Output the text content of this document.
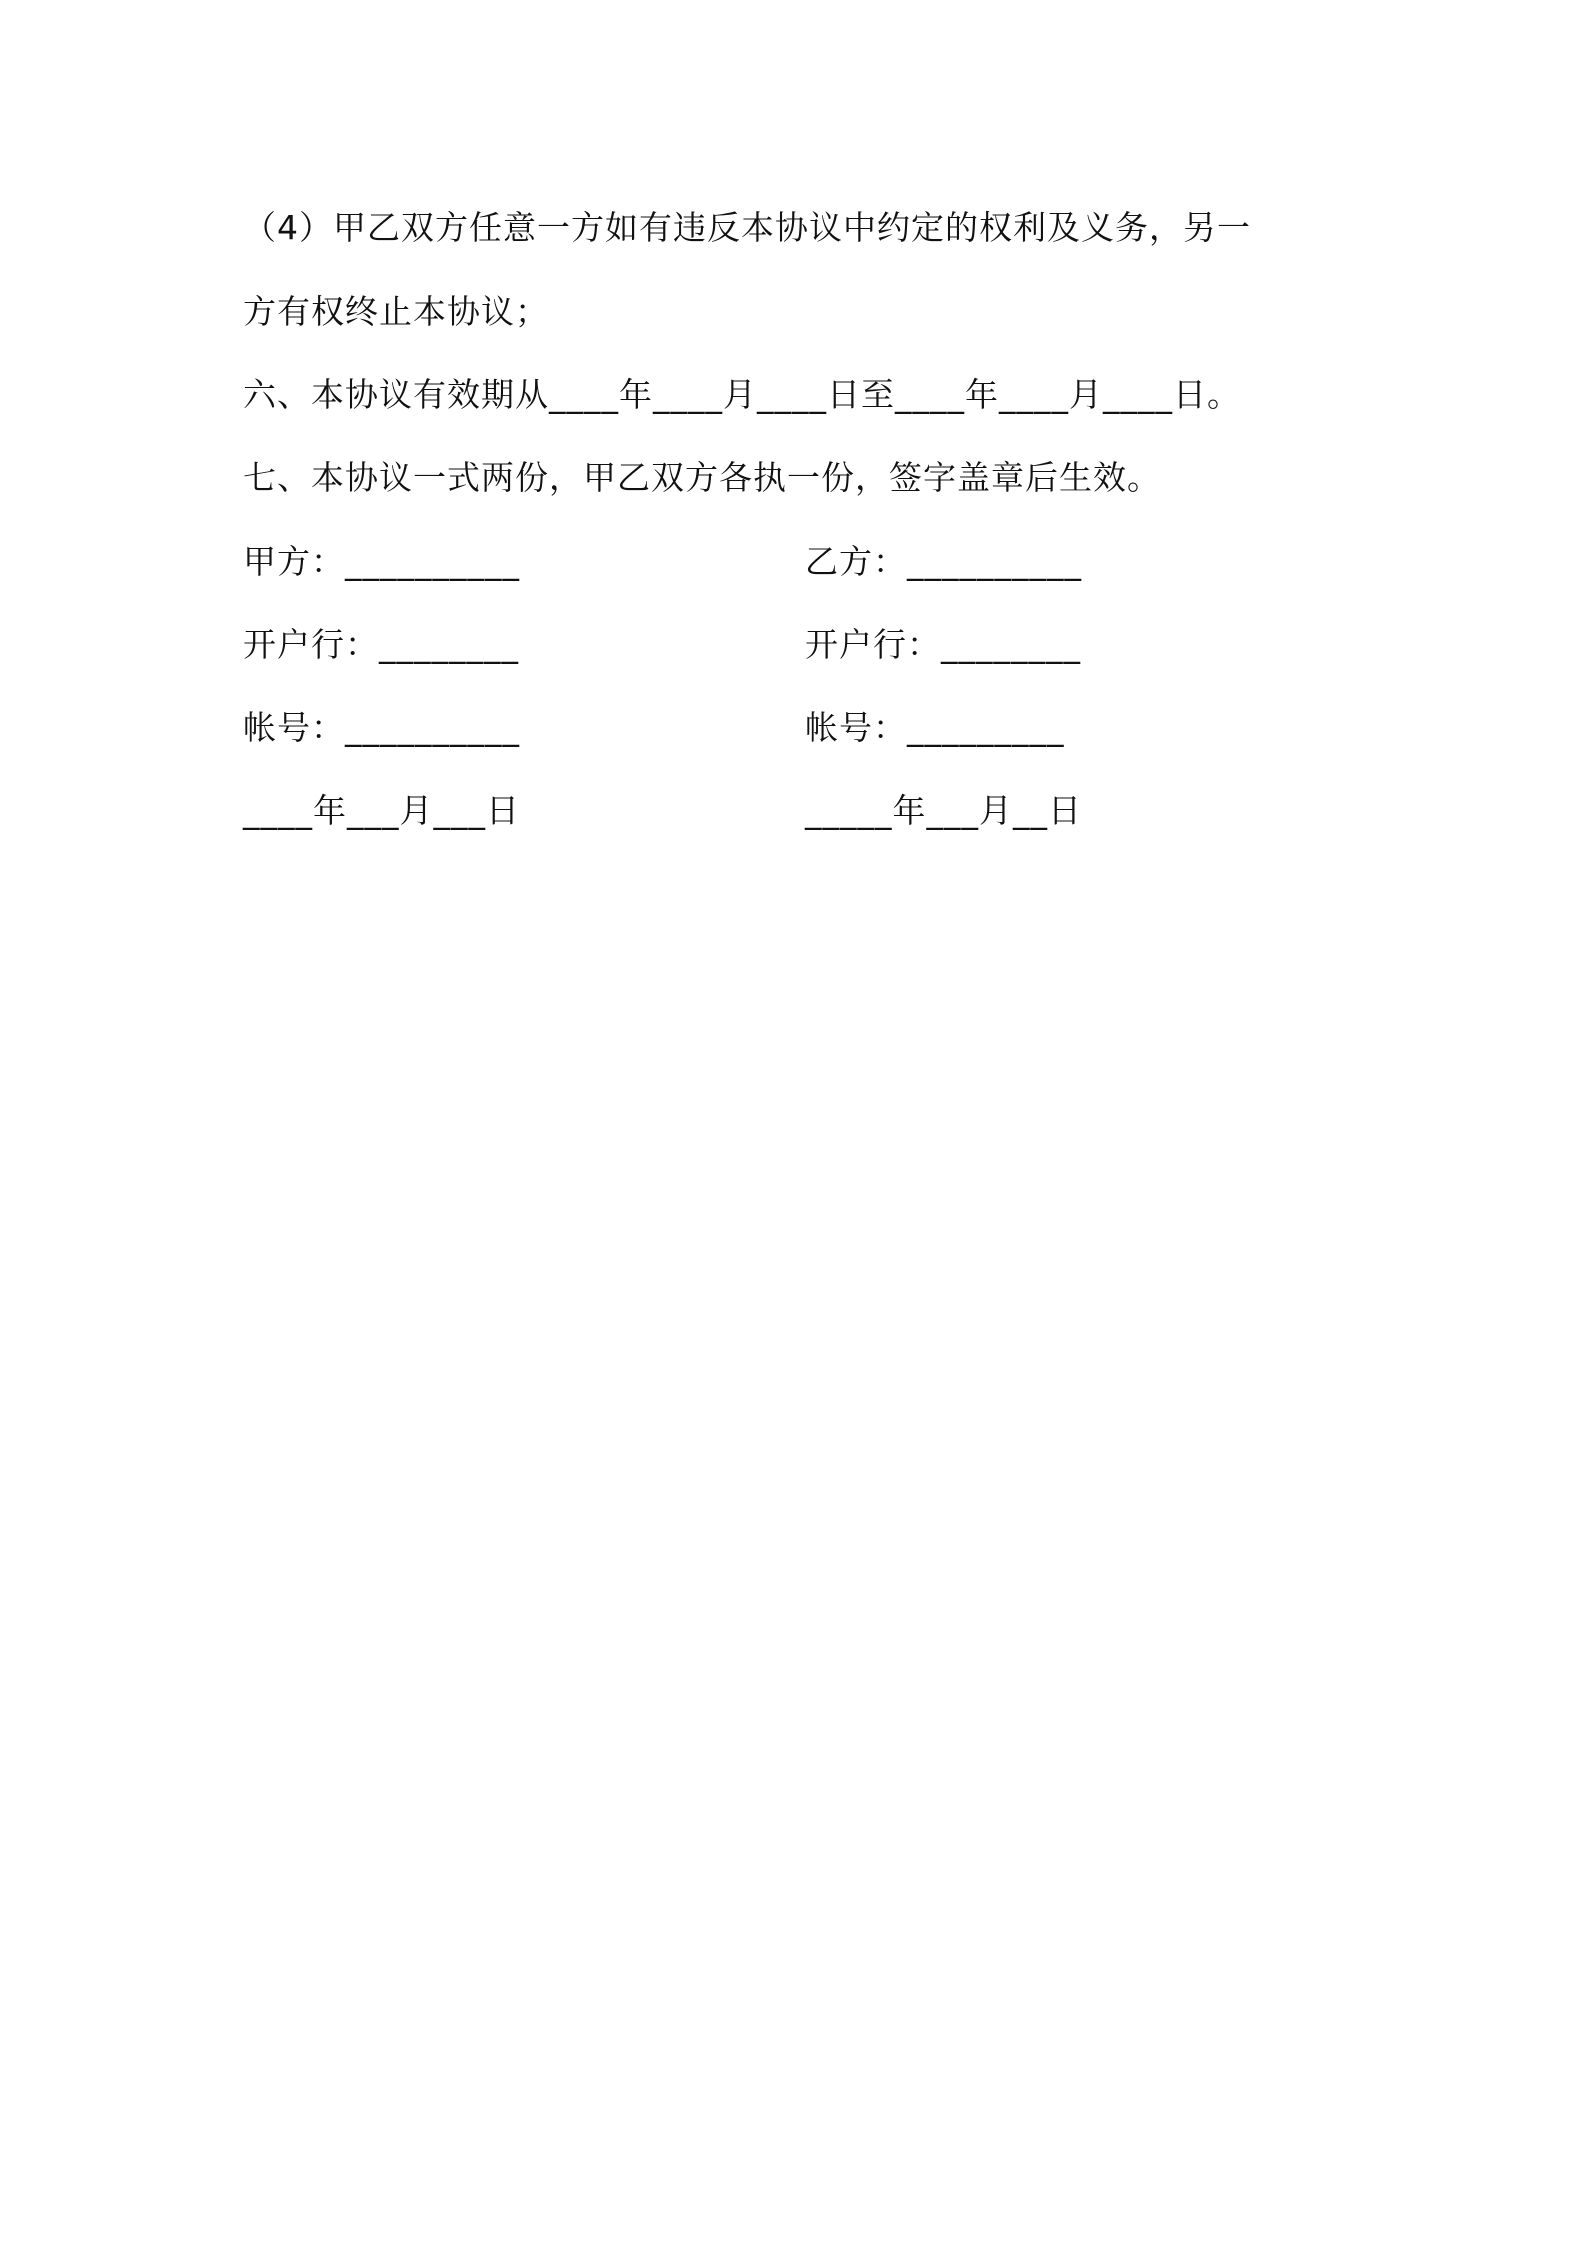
（4）甲乙双方任意一方如有违反本协议中约定的权利及义务，另一
方有权终止本协议；
六、本协议有效期从____年____月____日至____年____月____日。
七、本协议一式两份，甲乙双方各执一份，签字盖章后生效。
甲方：__________	乙方：__________
开户行：________	开户行：________
帐号：__________	帐号：_________
____年___月___日	_____年___月__日
